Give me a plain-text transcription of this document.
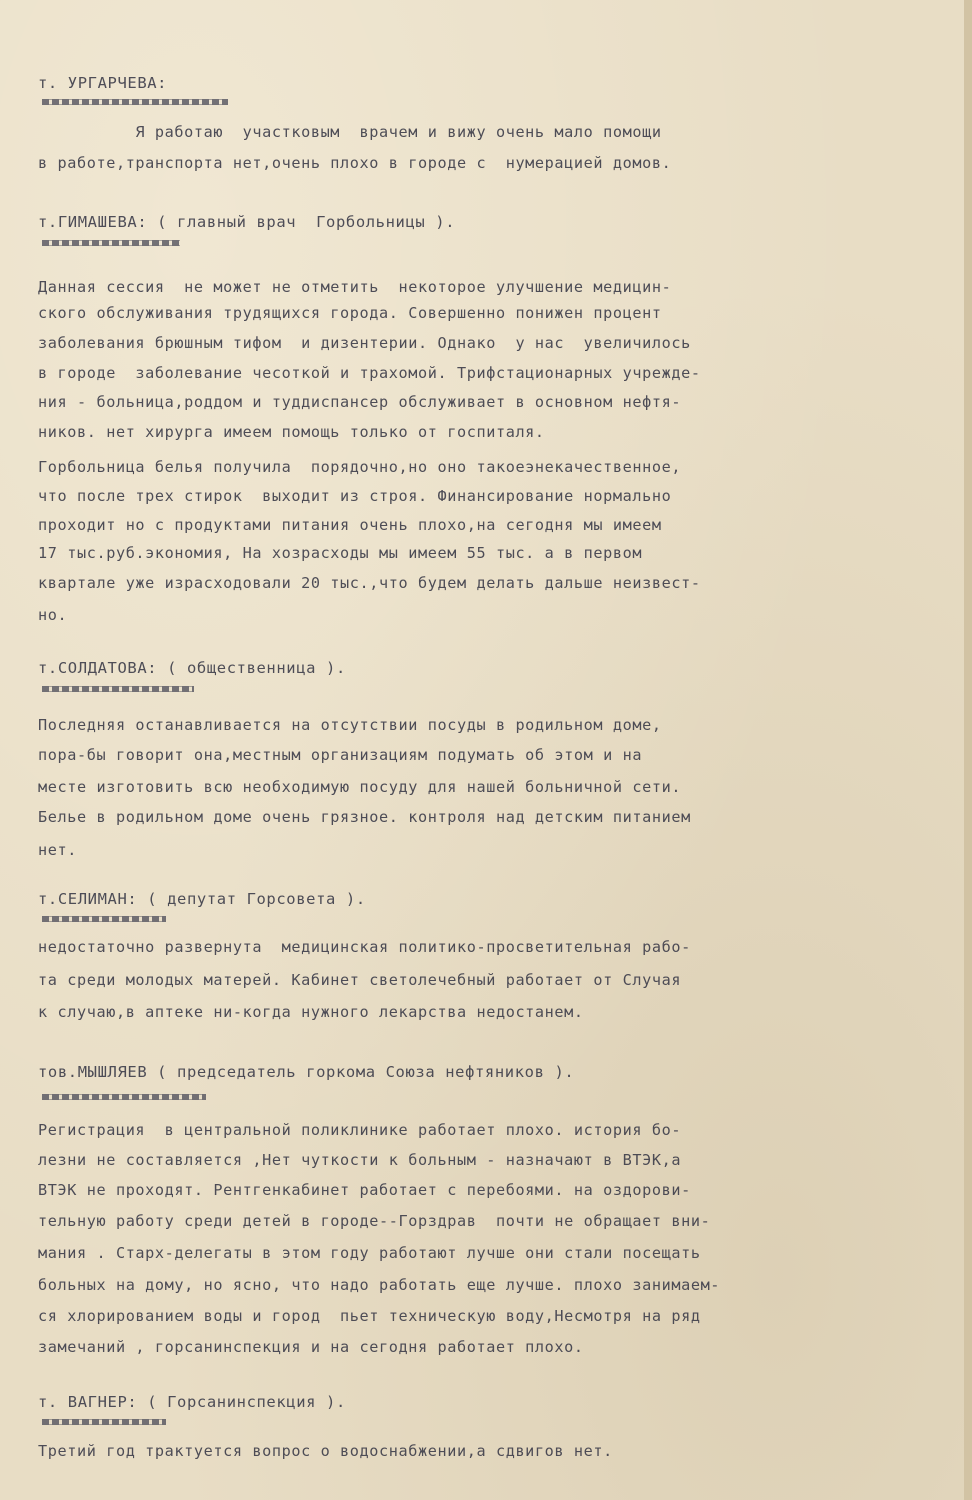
т. УРГАРЧЕВА:
Я работаю  участковым  врачем и вижу очень мало помощи
в работе,транспорта нет,очень плохо в городе с  нумерацией домов.
т.ГИМАШЕВА: ( главный врач  Горбольницы ).
Данная сессия  не может не отметить  некоторое улучшение медицин-
ского обслуживания трудящихся города. Совершенно понижен процент
заболевания брюшным тифом  и дизентерии. Однако  у нас  увеличилось
в городе  заболевание чесоткой и трахомой. Трифстационарных учрежде-
ния - больница,роддом и туддиспансер обслуживает в основном нефтя-
ников. нет хирурга имеем помощь только от госпиталя.
Горбольница белья получила  порядочно,но оно такоеэнекачественное,
что после трех стирок  выходит из строя. Финансирование нормально
проходит но с продуктами питания очень плохо,на сегодня мы имеем
17 тыс.руб.экономия, На хозрасходы мы имеем 55 тыс. а в первом
квартале уже израсходовали 20 тыс.,что будем делать дальше неизвест-
но.
т.СОЛДАТОВА: ( общественница ).
Последняя останавливается на отсутствии посуды в родильном доме,
пора-бы говорит она,местным организациям подумать об этом и на
месте изготовить всю необходимую посуду для нашей больничной сети.
Белье в родильном доме очень грязное. контроля над детским питанием
нет.
т.СЕЛИМАН: ( депутат Горсовета ).
недостаточно развернута  медицинская политико-просветительная рабо-
та среди молодых матерей. Кабинет светолечебный работает от Случая
к случаю,в аптеке ни-когда нужного лекарства недостанем.
тов.МЫШЛЯЕВ ( председатель горкома Союза нефтяников ).
Регистрация  в центральной поликлинике работает плохо. история бо-
лезни не составляется ,Нет чуткости к больным - назначают в ВТЭК,а
ВТЭК не проходят. Рентгенкабинет работает с перебоями. на оздорови-
тельную работу среди детей в городе--Горздрав  почти не обращает вни-
мания . Старх-делегаты в этом году работают лучше они стали посещать
больных на дому, но ясно, что надо работать еще лучше. плохо занимаем-
ся хлорированием воды и город  пьет техническую воду,Несмотря на ряд
замечаний , горсанинспекция и на сегодня работает плохо.
т. ВАГНЕР: ( Горсанинспекция ).
Третий год трактуется вопрос о водоснабжении,а сдвигов нет.
